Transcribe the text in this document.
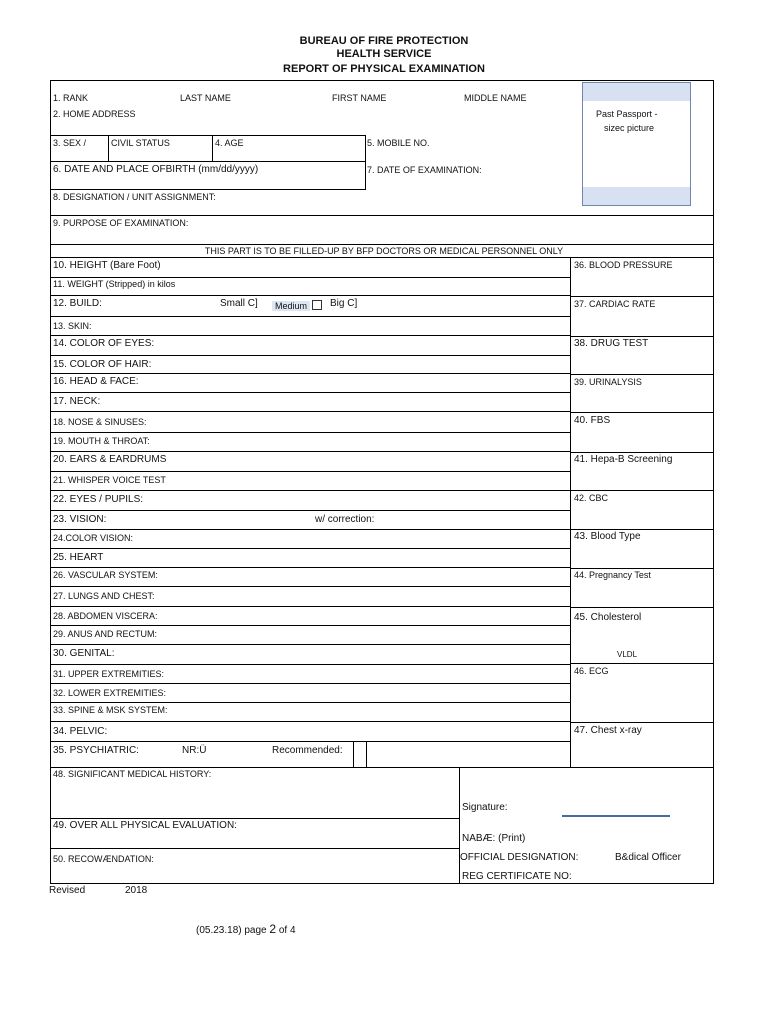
BUREAU OF FIRE PROTECTION
HEALTH SERVICE
REPORT OF PHYSICAL EXAMINATION
Past Passport -
sizec picture
1. RANK	LAST NAME	FIRST NAME	MIDDLE NAME
2. HOME ADDRESS
3. SEX /	CIVIL STATUS	4. AGE	5. MOBILE NO.
6. DATE AND PLACE OFBIRTH (mm/dd/yyyy)	7. DATE OF EXAMINATION:
8. DESIGNATION / UNIT ASSIGNMENT:
9. PURPOSE OF EXAMINATION:
THIS PART IS TO BE FILLED-UP BY BFP DOCTORS OR MEDICAL PERSONNEL ONLY
10. HEIGHT (Bare Foot)
11. WEIGHT (Stripped) in kilos
12. BUILD:	Small C]	Medium	Big C]
13. SKIN:
14. COLOR OF EYES:
15. COLOR OF HAIR:
16. HEAD & FACE:
17. NECK:
18. NOSE & SINUSES:
19. MOUTH & THROAT:
20. EARS & EARDRUMS
21. WHISPER VOICE TEST
22. EYES / PUPILS:
23. VISION:	w/ correction:
24.COLOR VISION:
25. HEART
26. VASCULAR SYSTEM:
27. LUNGS AND CHEST:
28. ABDOMEN VISCERA:
29. ANUS AND RECTUM:
30. GENITAL:
31. UPPER EXTREMITIES:
32. LOWER EXTREMITIES:
33. SPINE & MSK SYSTEM:
34. PELVIC:
35. PSYCHIATRIC:	NR:Ü	Recommended:
36. BLOOD PRESSURE
37. CARDIAC RATE
38. DRUG TEST
39. URINALYSIS
40. FBS
41. Hepa-B Screening
42. CBC
43. Blood Type
44. Pregnancy Test
45. Cholesterol
VLDL
46. ECG
47. Chest x-ray
48. SIGNIFICANT MEDICAL HISTORY:
49. OVER ALL PHYSICAL EVALUATION:
50. RECOWÆNDATION:
Signature:
NABÆ: (Print)
OFFICIAL DESIGNATION:	B&dical Officer
REG CERTIFICATE NO:
Revised	2018
(05.23.18) page 2 of 4
